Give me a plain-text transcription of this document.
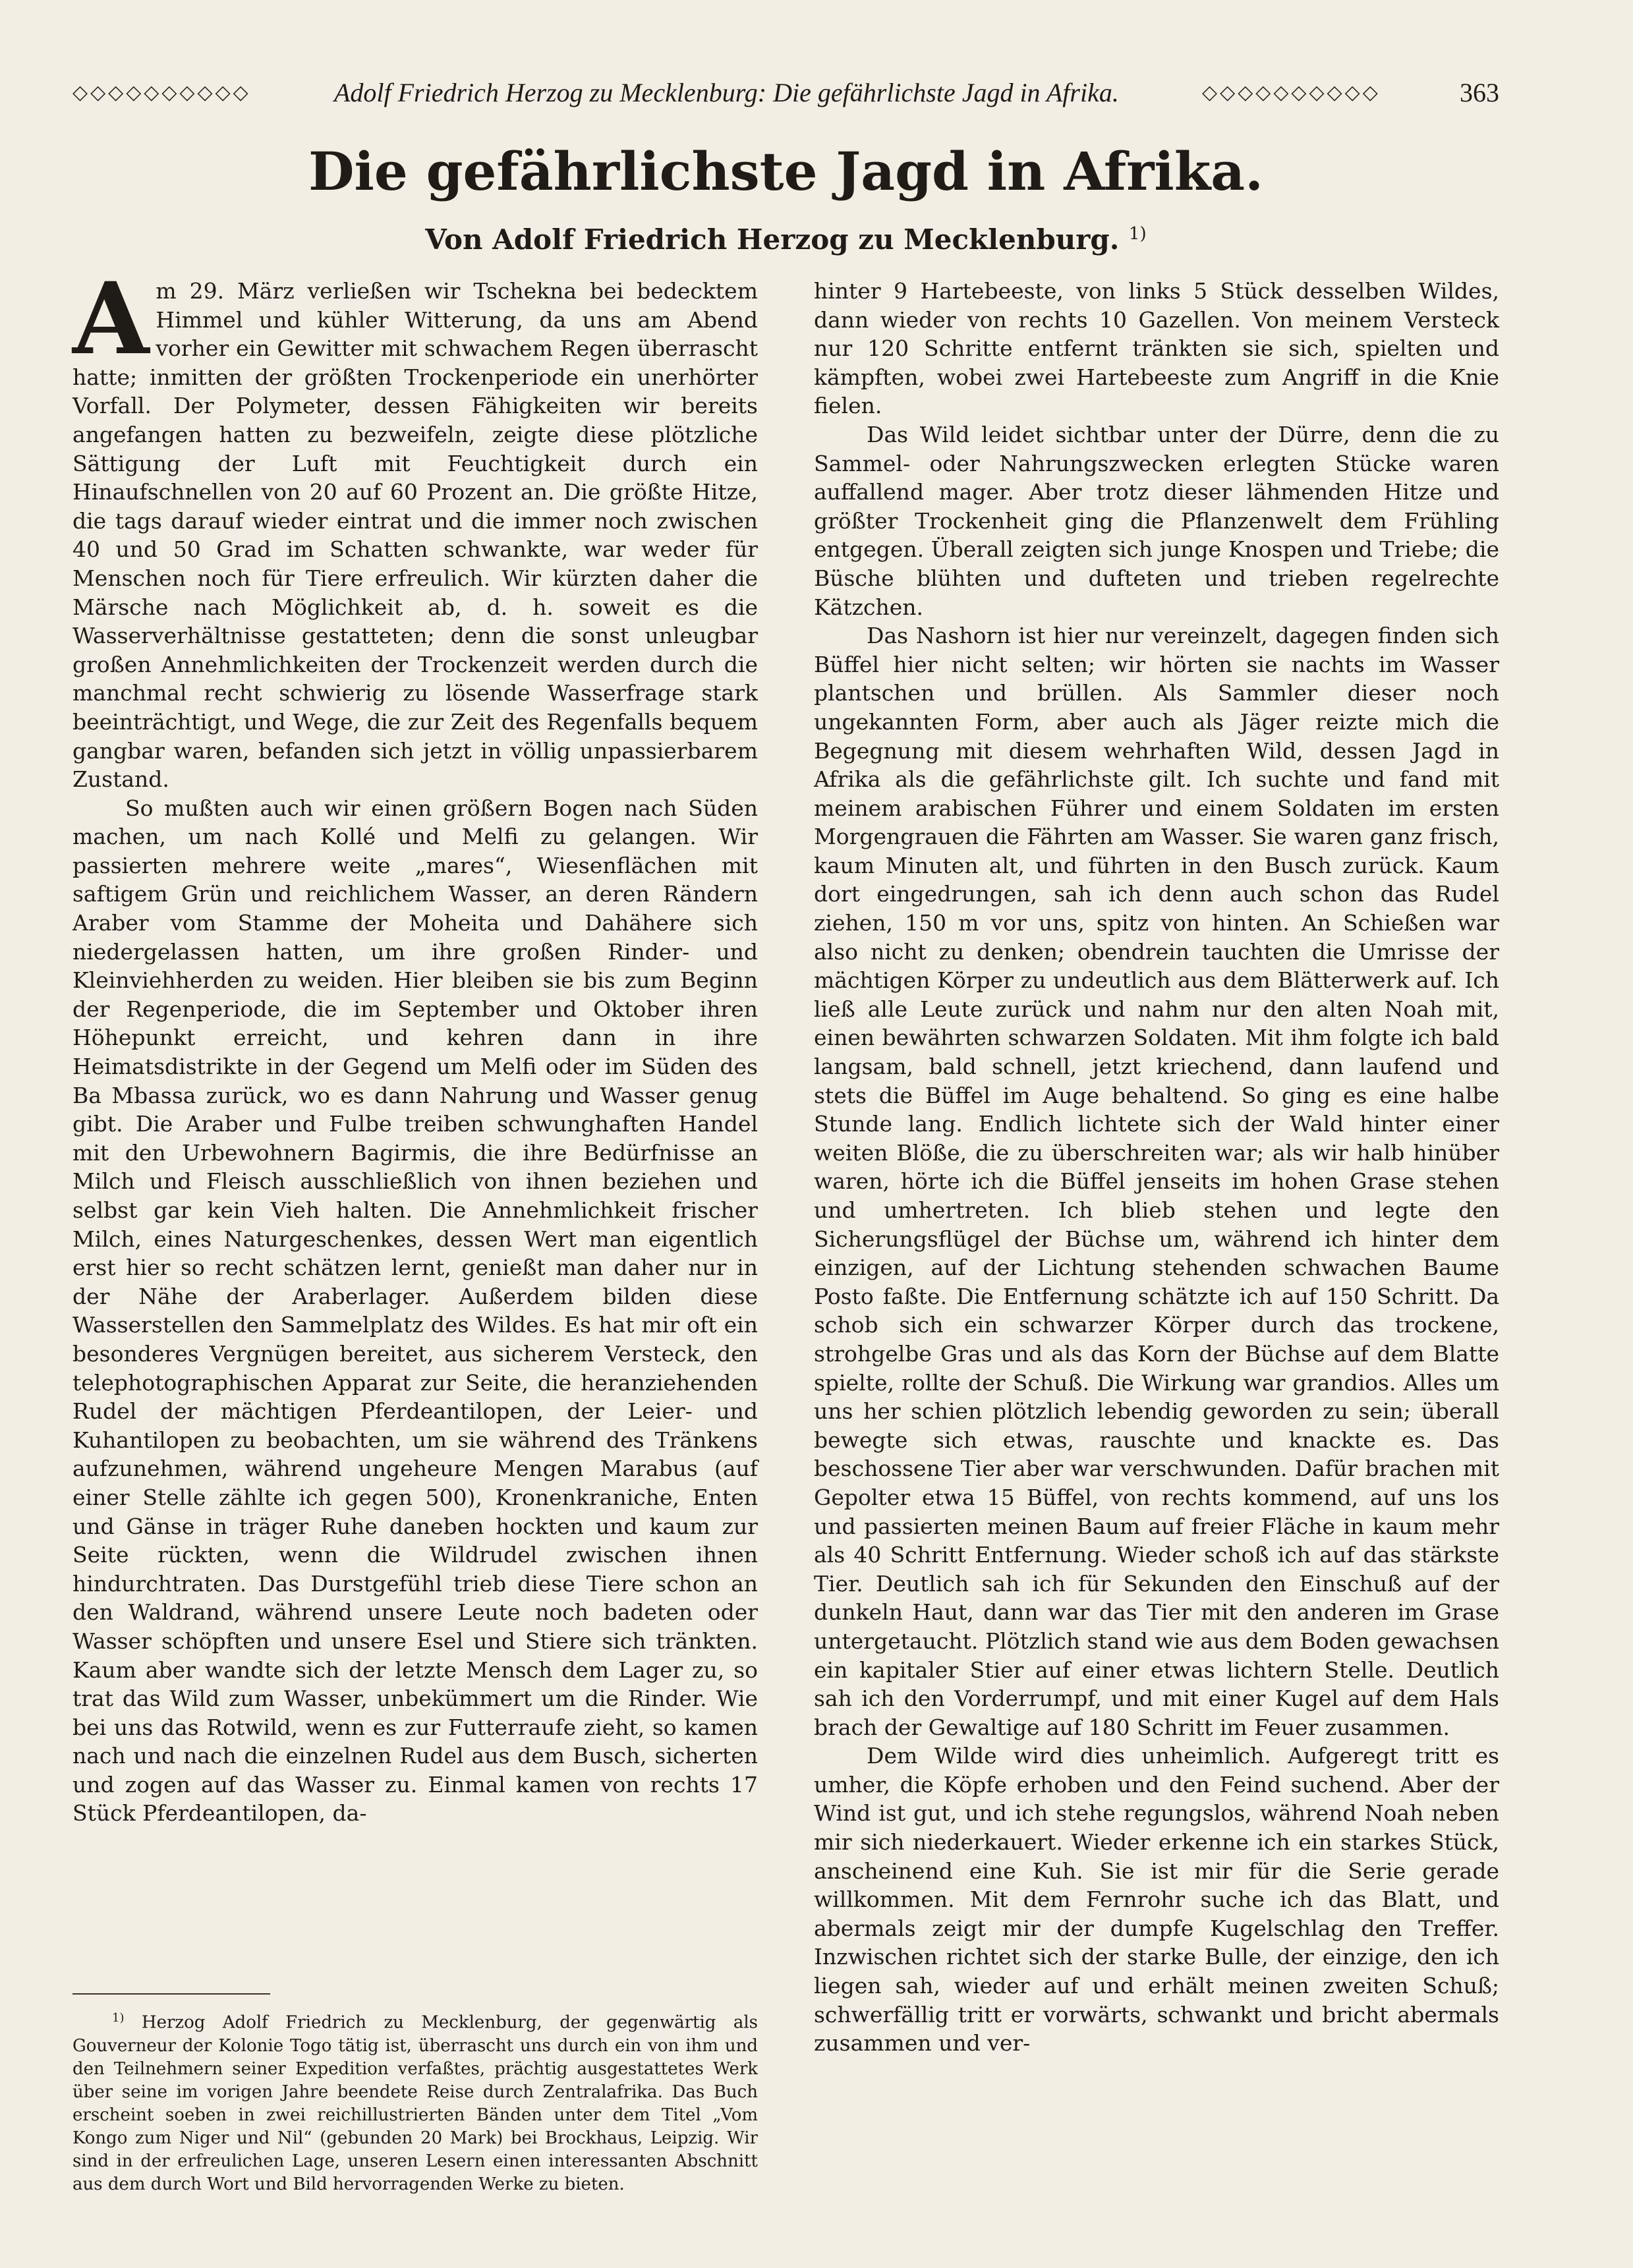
◇◇◇◇◇◇◇◇◇◇	Adolf Friedrich Herzog zu Mecklenburg: Die gefährlichste Jagd in Afrika.	◇◇◇◇◇◇◇◇◇◇	363
Die gefährlichste Jagd in Afrika.
Von Adolf Friedrich Herzog zu Mecklenburg. $^{1)}$

Am 29. März verließen wir Tschekna bei bedecktem Himmel und kühler Witterung, da uns am Abend vorher ein Gewitter mit schwachem Regen überrascht hatte; inmitten der größten Trockenperiode ein unerhörter Vorfall. Der Polymeter, dessen Fähigkeiten wir bereits angefangen hatten zu bezweifeln, zeigte diese plötzliche Sättigung der Luft mit Feuchtigkeit durch ein Hinaufschnellen von 20 auf 60 Prozent an. Die größte Hitze, die tags darauf wieder eintrat und die immer noch zwischen 40 und 50 Grad im Schatten schwankte, war weder für Menschen noch für Tiere erfreulich. Wir kürzten daher die Märsche nach Möglichkeit ab, d. h. soweit es die Wasserverhältnisse gestatteten; denn die sonst unleugbar großen Annehmlichkeiten der Trockenzeit werden durch die manchmal recht schwierig zu lösende Wasserfrage stark beeinträchtigt, und Wege, die zur Zeit des Regenfalls bequem gangbar waren, befanden sich jetzt in völlig unpassierbarem Zustand.

So mußten auch wir einen größern Bogen nach Süden machen, um nach Kollé und Melfi zu gelangen. Wir passierten mehrere weite „mares“, Wiesenflächen mit saftigem Grün und reichlichem Wasser, an deren Rändern Araber vom Stamme der Moheita und Dahähere sich niedergelassen hatten, um ihre großen Rinder- und Kleinviehherden zu weiden. Hier bleiben sie bis zum Beginn der Regenperiode, die im September und Oktober ihren Höhepunkt erreicht, und kehren dann in ihre Heimatsdistrikte in der Gegend um Melfi oder im Süden des Ba Mbassa zurück, wo es dann Nahrung und Wasser genug gibt. Die Araber und Fulbe treiben schwunghaften Handel mit den Urbewohnern Bagirmis, die ihre Bedürfnisse an Milch und Fleisch ausschließlich von ihnen beziehen und selbst gar kein Vieh halten. Die Annehmlichkeit frischer Milch, eines Naturgeschenkes, dessen Wert man eigentlich erst hier so recht schätzen lernt, genießt man daher nur in der Nähe der Araberlager. Außerdem bilden diese Wasserstellen den Sammelplatz des Wildes. Es hat mir oft ein besonderes Vergnügen bereitet, aus sicherem Versteck, den telephotographischen Apparat zur Seite, die heranziehenden Rudel der mächtigen Pferdeantilopen, der Leier- und Kuhantilopen zu beobachten, um sie während des Tränkens aufzunehmen, während ungeheure Mengen Marabus (auf einer Stelle zählte ich gegen 500), Kronenkraniche, Enten und Gänse in träger Ruhe daneben hockten und kaum zur Seite rückten, wenn die Wildrudel zwischen ihnen hindurchtraten. Das Durstgefühl trieb diese Tiere schon an den Waldrand, während unsere Leute noch badeten oder Wasser schöpften und unsere Esel und Stiere sich tränkten. Kaum aber wandte sich der letzte Mensch dem Lager zu, so trat das Wild zum Wasser, unbekümmert um die Rinder. Wie bei uns das Rotwild, wenn es zur Futterraufe zieht, so kamen nach und nach die einzelnen Rudel aus dem Busch, sicherten und zogen auf das Wasser zu. Einmal kamen von rechts 17 Stück Pferdeantilopen, da-

$^{1)}$ Herzog Adolf Friedrich zu Mecklenburg, der gegenwärtig als Gouverneur der Kolonie Togo tätig ist, überrascht uns durch ein von ihm und den Teilnehmern seiner Expedition verfaßtes, prächtig ausgestattetes Werk über seine im vorigen Jahre beendete Reise durch Zentralafrika. Das Buch erscheint soeben in zwei reichillustrierten Bänden unter dem Titel „Vom Kongo zum Niger und Nil“ (gebunden 20 Mark) bei Brockhaus, Leipzig. Wir sind in der erfreulichen Lage, unseren Lesern einen interessanten Abschnitt aus dem durch Wort und Bild hervorragenden Werke zu bieten.

hinter 9 Hartebeeste, von links 5 Stück desselben Wildes, dann wieder von rechts 10 Gazellen. Von meinem Versteck nur 120 Schritte entfernt tränkten sie sich, spielten und kämpften, wobei zwei Hartebeeste zum Angriff in die Knie fielen.

Das Wild leidet sichtbar unter der Dürre, denn die zu Sammel- oder Nahrungszwecken erlegten Stücke waren auffallend mager. Aber trotz dieser lähmenden Hitze und größter Trockenheit ging die Pflanzenwelt dem Frühling entgegen. Überall zeigten sich junge Knospen und Triebe; die Büsche blühten und dufteten und trieben regelrechte Kätzchen.

Das Nashorn ist hier nur vereinzelt, dagegen finden sich Büffel hier nicht selten; wir hörten sie nachts im Wasser plantschen und brüllen. Als Sammler dieser noch ungekannten Form, aber auch als Jäger reizte mich die Begegnung mit diesem wehrhaften Wild, dessen Jagd in Afrika als die gefährlichste gilt. Ich suchte und fand mit meinem arabischen Führer und einem Soldaten im ersten Morgengrauen die Fährten am Wasser. Sie waren ganz frisch, kaum Minuten alt, und führten in den Busch zurück. Kaum dort eingedrungen, sah ich denn auch schon das Rudel ziehen, 150 m vor uns, spitz von hinten. An Schießen war also nicht zu denken; obendrein tauchten die Umrisse der mächtigen Körper zu undeutlich aus dem Blätterwerk auf. Ich ließ alle Leute zurück und nahm nur den alten Noah mit, einen bewährten schwarzen Soldaten. Mit ihm folgte ich bald langsam, bald schnell, jetzt kriechend, dann laufend und stets die Büffel im Auge behaltend. So ging es eine halbe Stunde lang. Endlich lichtete sich der Wald hinter einer weiten Blöße, die zu überschreiten war; als wir halb hinüber waren, hörte ich die Büffel jenseits im hohen Grase stehen und umhertreten. Ich blieb stehen und legte den Sicherungsflügel der Büchse um, während ich hinter dem einzigen, auf der Lichtung stehenden schwachen Baume Posto faßte. Die Entfernung schätzte ich auf 150 Schritt. Da schob sich ein schwarzer Körper durch das trockene, strohgelbe Gras und als das Korn der Büchse auf dem Blatte spielte, rollte der Schuß. Die Wirkung war grandios. Alles um uns her schien plötzlich lebendig geworden zu sein; überall bewegte sich etwas, rauschte und knackte es. Das beschossene Tier aber war verschwunden. Dafür brachen mit Gepolter etwa 15 Büffel, von rechts kommend, auf uns los und passierten meinen Baum auf freier Fläche in kaum mehr als 40 Schritt Entfernung. Wieder schoß ich auf das stärkste Tier. Deutlich sah ich für Sekunden den Einschuß auf der dunkeln Haut, dann war das Tier mit den anderen im Grase untergetaucht. Plötzlich stand wie aus dem Boden gewachsen ein kapitaler Stier auf einer etwas lichtern Stelle. Deutlich sah ich den Vorderrumpf, und mit einer Kugel auf dem Hals brach der Gewaltige auf 180 Schritt im Feuer zusammen.

Dem Wilde wird dies unheimlich. Aufgeregt tritt es umher, die Köpfe erhoben und den Feind suchend. Aber der Wind ist gut, und ich stehe regungslos, während Noah neben mir sich niederkauert. Wieder erkenne ich ein starkes Stück, anscheinend eine Kuh. Sie ist mir für die Serie gerade willkommen. Mit dem Fernrohr suche ich das Blatt, und abermals zeigt mir der dumpfe Kugelschlag den Treffer. Inzwischen richtet sich der starke Bulle, der einzige, den ich liegen sah, wieder auf und erhält meinen zweiten Schuß; schwerfällig tritt er vorwärts, schwankt und bricht abermals zusammen und ver-
